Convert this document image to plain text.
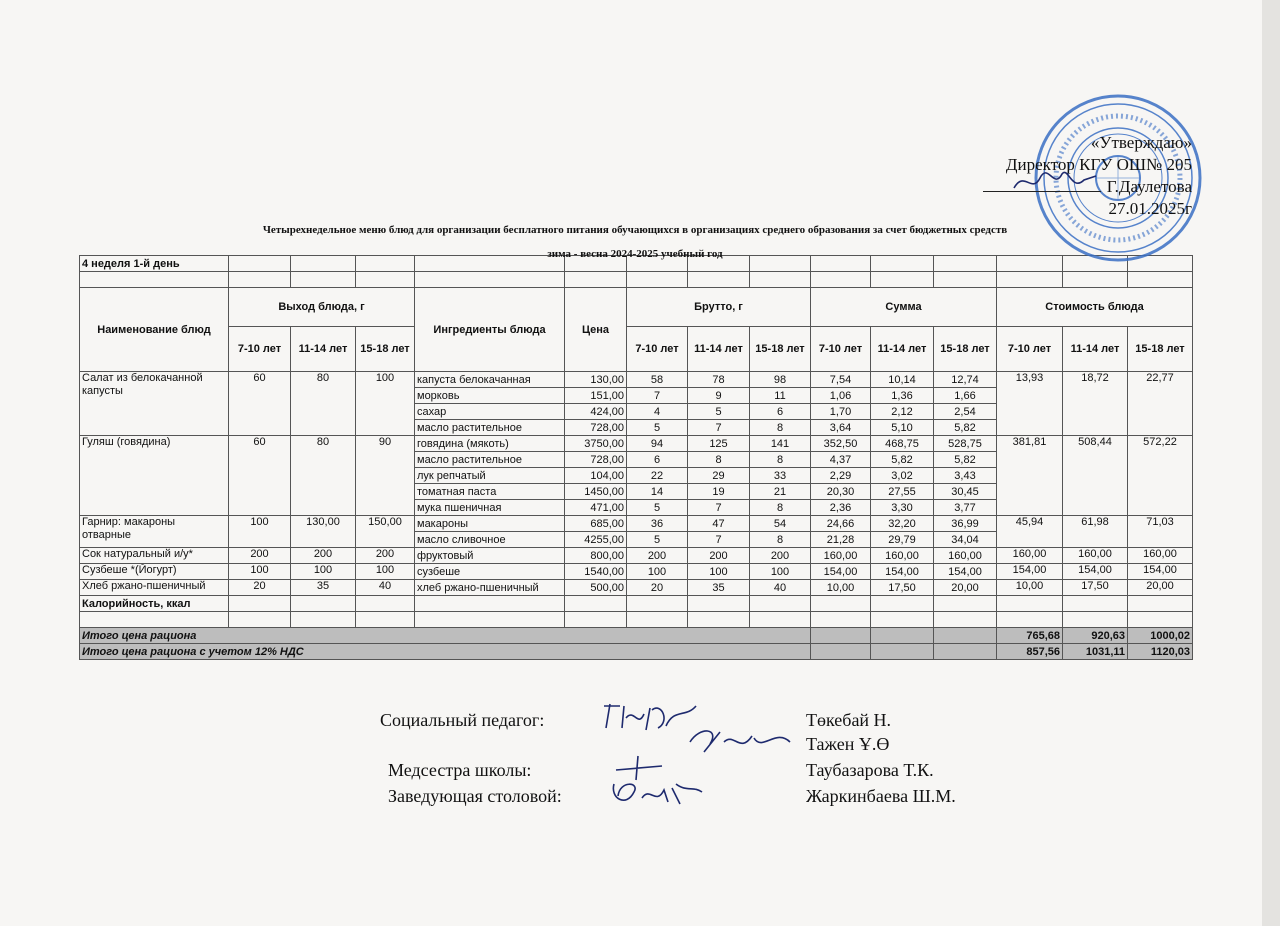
«Утверждаю»
Директор КГУ ОШ№ 205
Г.Даулетова
27.01.2025г
Четырехнедельное меню блюд для организации бесплатного питания обучающихся в организациях среднего образования за счет бюджетных средств
зима - весна 2024-2025 учебный год
4 неделя 1-й день														

Наименование блюд	Выход блюда, г			Ингредиенты блюда	Цена	Брутто, г			Сумма			Стоимость блюда		
	7-10 лет	11-14 лет	15-18 лет			7-10 лет	11-14 лет	15-18 лет	7-10 лет	11-14 лет	15-18 лет	7-10 лет	11-14 лет	15-18 лет
Салат из белокачанной капусты	60	80	100	капуста белокачанная	130,00	58	78	98	7,54	10,14	12,74	13,93	18,72	22,77
				морковь	151,00	7	9	11	1,06	1,36	1,66			
				сахар	424,00	4	5	6	1,70	2,12	2,54			
				масло растительное	728,00	5	7	8	3,64	5,10	5,82			
Гуляш (говядина)	60	80	90	говядина (мякоть)	3750,00	94	125	141	352,50	468,75	528,75	381,81	508,44	572,22
				масло растительное	728,00	6	8	8	4,37	5,82	5,82			
				лук репчатый	104,00	22	29	33	2,29	3,02	3,43			
				томатная паста	1450,00	14	19	21	20,30	27,55	30,45			
				мука пшеничная	471,00	5	7	8	2,36	3,30	3,77			
Гарнир: макароны отварные	100	130,00	150,00	макароны	685,00	36	47	54	24,66	32,20	36,99	45,94	61,98	71,03
				масло сливочное	4255,00	5	7	8	21,28	29,79	34,04			
Сок натуральный и/у*	200	200	200	фруктовый	800,00	200	200	200	160,00	160,00	160,00	160,00	160,00	160,00
Сузбеше *(Йогурт)	100	100	100	сузбеше	1540,00	100	100	100	154,00	154,00	154,00	154,00	154,00	154,00
Хлеб ржано-пшеничный	20	35	40	хлеб ржано-пшеничный	500,00	20	35	40	10,00	17,50	20,00	10,00	17,50	20,00
Калорийность, ккал														

Итого цена рациона												765,68	920,63	1000,02
Итого цена рациона с учетом 12% НДС												857,56	1031,11	1120,03
Социальный педагог:	Төкебай Н.
Тажен Ұ.Ө
Медсестра школы:	Таубазарова Т.К.
Заведующая столовой:	Жаркинбаева Ш.М.
